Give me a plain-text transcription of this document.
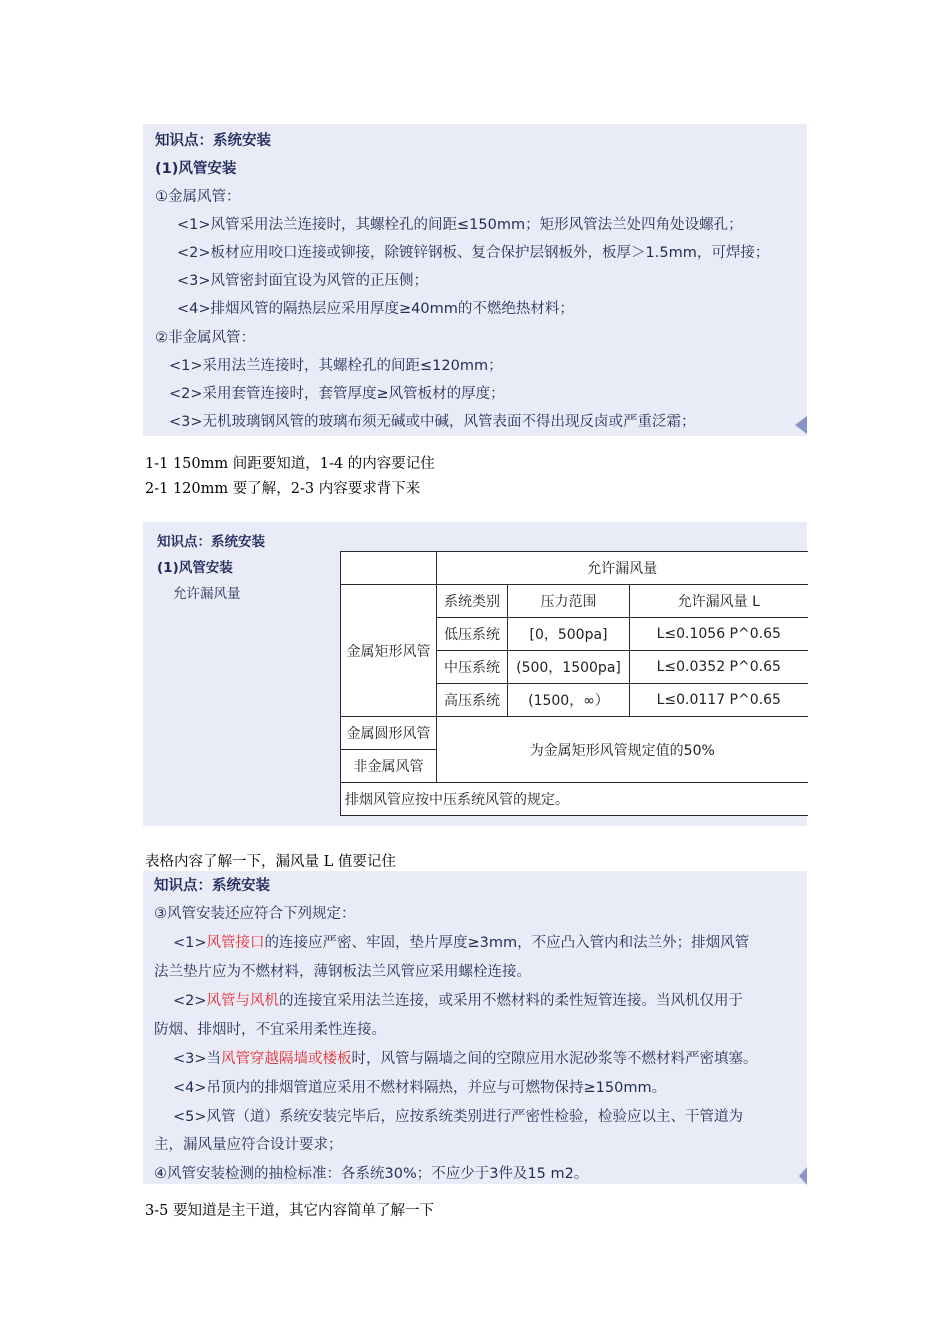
知识点：系统安装
(1)风管安装
①金属风管：
<1>风管采用法兰连接时，其螺栓孔的间距≤150mm；矩形风管法兰处四角处设螺孔；
<2>板材应用咬口连接或铆接，除镀锌钢板、复合保护层钢板外，板厚＞1.5mm，可焊接；
<3>风管密封面宜设为风管的正压侧；
<4>排烟风管的隔热层应采用厚度≥40mm的不燃绝热材料；
②非金属风管：
<1>采用法兰连接时，其螺栓孔的间距≤120mm；
<2>采用套管连接时，套管厚度≥风管板材的厚度；
<3>无机玻璃钢风管的玻璃布须无碱或中碱，风管表面不得出现反卤或严重泛霜；
1-1 150mm 间距要知道，1-4 的内容要记住
2-1 120mm 要了解，2-3 内容要求背下来
知识点：系统安装
(1)风管安装
允许漏风量
	允许漏风量		
金属矩形风管	系统类别	压力范围	允许漏风量 L
	低压系统	[0，500pa]	L≤0.1056 P^0.65
	中压系统	(500，1500pa]	L≤0.0352 P^0.65
	高压系统	(1500，∞）	L≤0.0117 P^0.65
金属圆形风管	为金属矩形风管规定值的50%		
非金属风管			
排烟风管应按中压系统风管的规定。			
表格内容了解一下，漏风量 L 值要记住
知识点：系统安装
③风管安装还应符合下列规定：
<1>风管接口的连接应严密、牢固，垫片厚度≥3mm，不应凸入管内和法兰外；排烟风管
法兰垫片应为不燃材料，薄钢板法兰风管应采用螺栓连接。
<2>风管与风机的连接宜采用法兰连接，或采用不燃材料的柔性短管连接。当风机仅用于
防烟、排烟时，不宜采用柔性连接。
<3>当风管穿越隔墙或楼板时，风管与隔墙之间的空隙应用水泥砂浆等不燃材料严密填塞。
<4>吊顶内的排烟管道应采用不燃材料隔热，并应与可燃物保持≥150mm。
<5>风管（道）系统安装完毕后，应按系统类别进行严密性检验，检验应以主、干管道为
主，漏风量应符合设计要求；
④风管安装检测的抽检标准：各系统30%；不应少于3件及15 m2。
3-5 要知道是主干道，其它内容简单了解一下
